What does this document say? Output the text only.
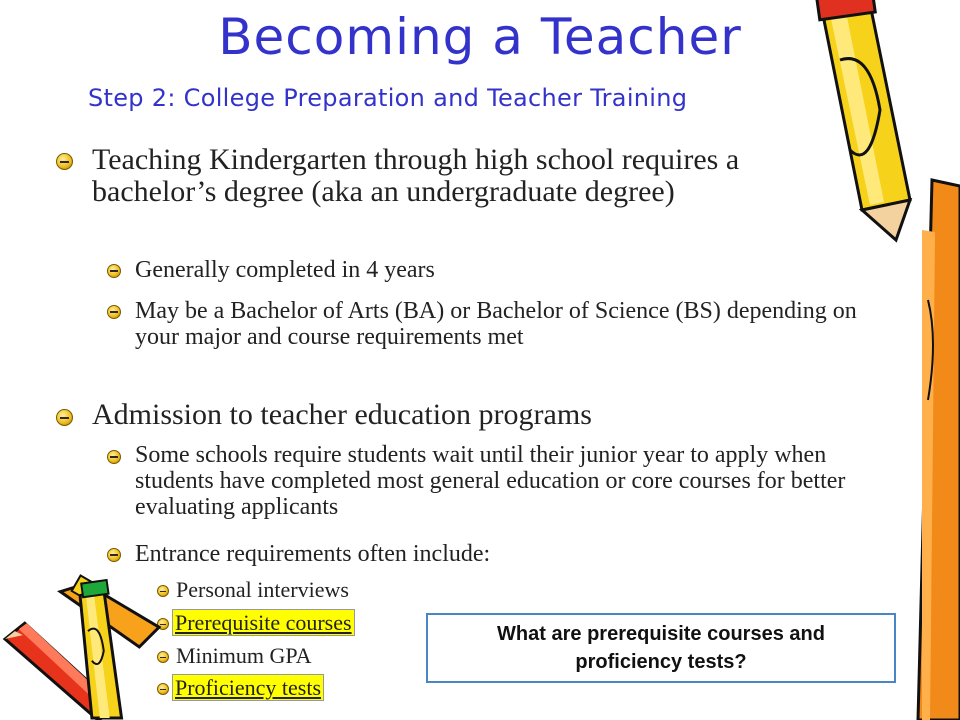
Becoming a Teacher
Step 2: College Preparation and Teacher Training
Teaching Kindergarten through high school requires a bachelor’s degree (aka an undergraduate degree)
Generally completed in 4 years
May be a Bachelor of Arts (BA) or Bachelor of Science (BS) depending on your major and course requirements met
Admission to teacher education programs
Some schools require students wait until their junior year to apply when students have completed most general education or core courses for better evaluating applicants
Entrance requirements often include:
Personal interviews
Prerequisite courses
Minimum GPA
Proficiency tests
What are prerequisite courses and proficiency tests?
